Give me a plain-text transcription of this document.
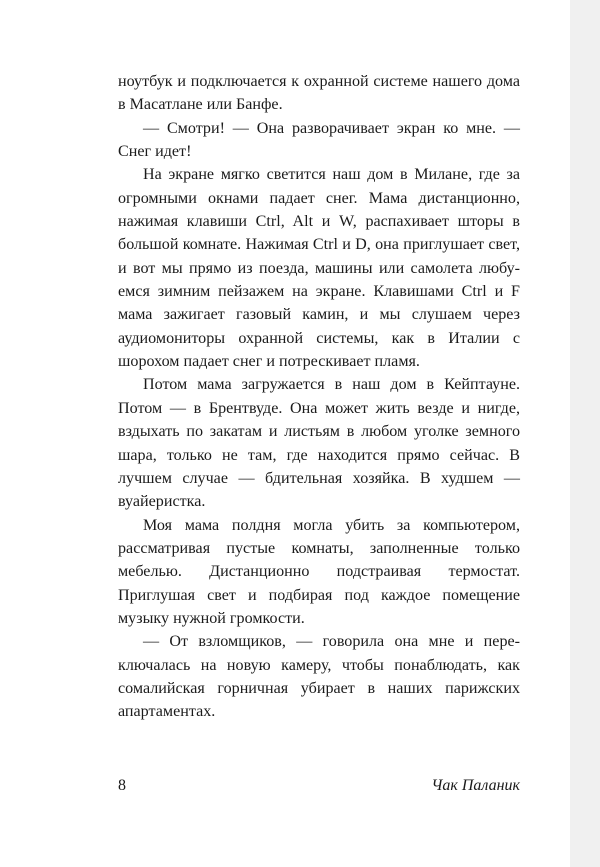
ноутбук и подключается к охранной системе нашего дома в Масатлане или Банфе.

— Смотри! — Она разворачивает экран ко мне. — Снег идет!

На экране мягко светится наш дом в Милане, где за огромными окнами падает снег. Мама дистанционно, нажимая клавиши Ctrl, Alt и W, распахивает шторы в большой комнате. Нажимая Ctrl и D, она приглушает свет, и вот мы прямо из поезда, машины или самолета любуемся зимним пейзажем на экране. Клавишами Ctrl и F мама зажигает газовый камин, и мы слушаем через аудиомониторы охранной системы, как в Италии с шорохом падает снег и потрескивает пламя.

Потом мама загружается в наш дом в Кейптауне. Потом — в Брентвуде. Она может жить везде и нигде, вздыхать по закатам и листьям в любом уголке земного шара, только не там, где находится прямо сейчас. В лучшем случае — бдительная хозяйка. В худшем — вуайеристка.

Моя мама полдня могла убить за компьютером, рассматривая пустые комнаты, заполненные только мебелью. Дистанционно подстраивая термостат. Приглушая свет и подбирая под каждое помещение музыку нужной громкости.

— От взломщиков, — говорила она мне и переключалась на новую камеру, чтобы понаблюдать, как сомалийская горничная убирает в наших парижских апартаментах.

8	Чак Паланик
